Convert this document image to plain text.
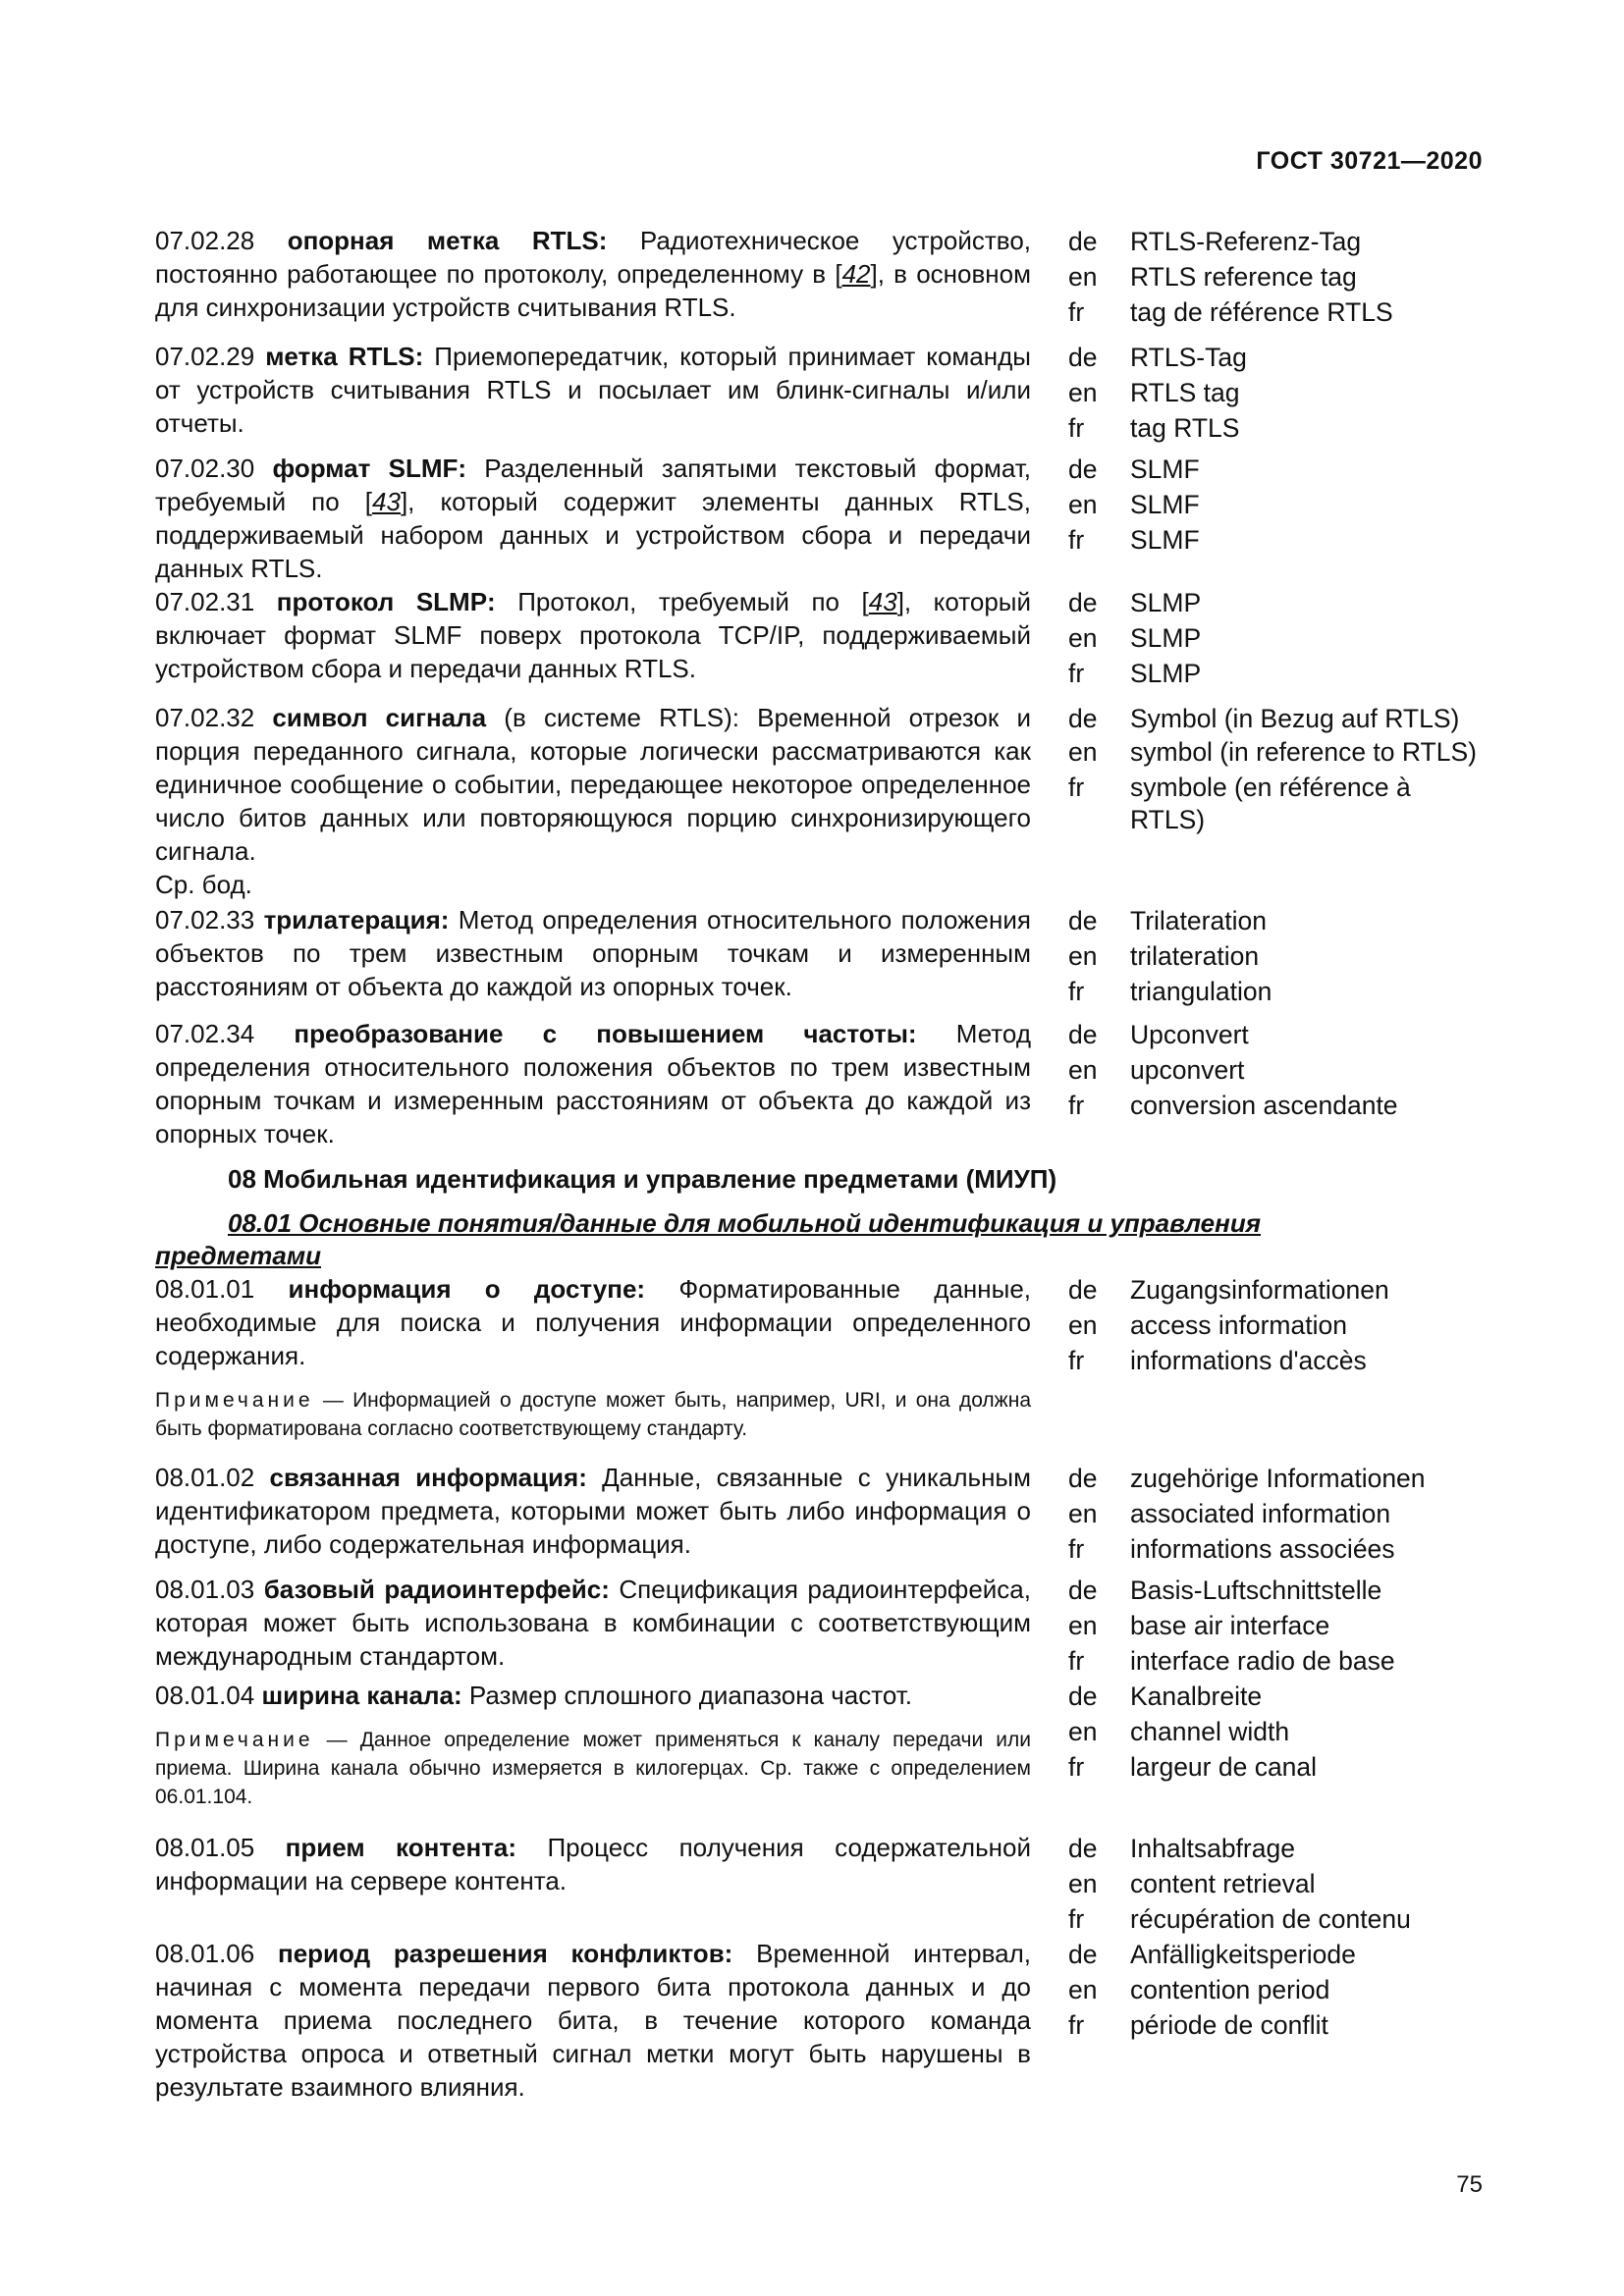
ГОСТ 30721—2020
07.02.28 опорная метка RTLS: Радиотехническое устройство, постоянно работающее по протоколу, определенному в [42], в основном для синхронизации устройств считывания RTLS.
de	RTLS-Referenz-Tag
en	RTLS reference tag
fr	tag de référence RTLS
07.02.29 метка RTLS: Приемопередатчик, который принимает команды от устройств считывания RTLS и посылает им блинк-сигналы и/или отчеты.
de	RTLS-Tag
en	RTLS tag
fr	tag RTLS
07.02.30 формат SLMF: Разделенный запятыми текстовый формат, требуемый по [43], который содержит элементы данных RTLS, поддерживаемый набором данных и устройством сбора и передачи данных RTLS.
de	SLMF
en	SLMF
fr	SLMF
07.02.31 протокол SLMP: Протокол, требуемый по [43], который включает формат SLMF поверх протокола TCP/IP, поддерживаемый устройством сбора и передачи данных RTLS.
de	SLMP
en	SLMP
fr	SLMP
07.02.32 символ сигнала (в системе RTLS): Временной отрезок и порция переданного сигнала, которые логически рассматриваются как единичное сообщение о событии, передающее некоторое определенное число битов данных или повторяющуюся порцию синхронизирующего сигнала.
Ср. бод.
de	Symbol (in Bezug auf RTLS)
en	symbol (in reference to RTLS)
fr	symbole (en référence à RTLS)
07.02.33 трилатерация: Метод определения относительного положения объектов по трем известным опорным точкам и измеренным расстояниям от объекта до каждой из опорных точек.
de	Trilateration
en	trilateration
fr	triangulation
07.02.34 преобразование с повышением частоты: Метод определения относительного положения объектов по трем известным опорным точкам и измеренным расстояниям от объекта до каждой из опорных точек.
de	Upconvert
en	upconvert
fr	conversion ascendante
08 Мобильная идентификация и управление предметами (МИУП)
08.01 Основные понятия/данные для мобильной идентификация и управления предметами
08.01.01 информация о доступе: Форматированные данные, необходимые для поиска и получения информации определенного содержания.
Примечание — Информацией о доступе может быть, например, URI, и она должна быть форматирована согласно соответствующему стандарту.
de	Zugangsinformationen
en	access information
fr	informations d'accès
08.01.02 связанная информация: Данные, связанные с уникальным идентификатором предмета, которыми может быть либо информация о доступе, либо содержательная информация.
de	zugehörige Informationen
en	associated information
fr	informations associées
08.01.03 базовый радиоинтерфейс: Спецификация радиоинтерфейса, которая может быть использована в комбинации с соответствующим международным стандартом.
de	Basis-Luftschnittstelle
en	base air interface
fr	interface radio de base
08.01.04 ширина канала: Размер сплошного диапазона частот.
Примечание — Данное определение может применяться к каналу передачи или приема. Ширина канала обычно измеряется в килогерцах. Ср. также с определением 06.01.104.
de	Kanalbreite
en	channel width
fr	largeur de canal
08.01.05 прием контента: Процесс получения содержательной информации на сервере контента.
de	Inhaltsabfrage
en	content retrieval
fr	récupération de contenu
08.01.06 период разрешения конфликтов: Временной интервал, начиная с момента передачи первого бита протокола данных и до момента приема последнего бита, в течение которого команда устройства опроса и ответный сигнал метки могут быть нарушены в результате взаимного влияния.
de	Anfälligkeitsperiode
en	contention period
fr	période de conflit
75
